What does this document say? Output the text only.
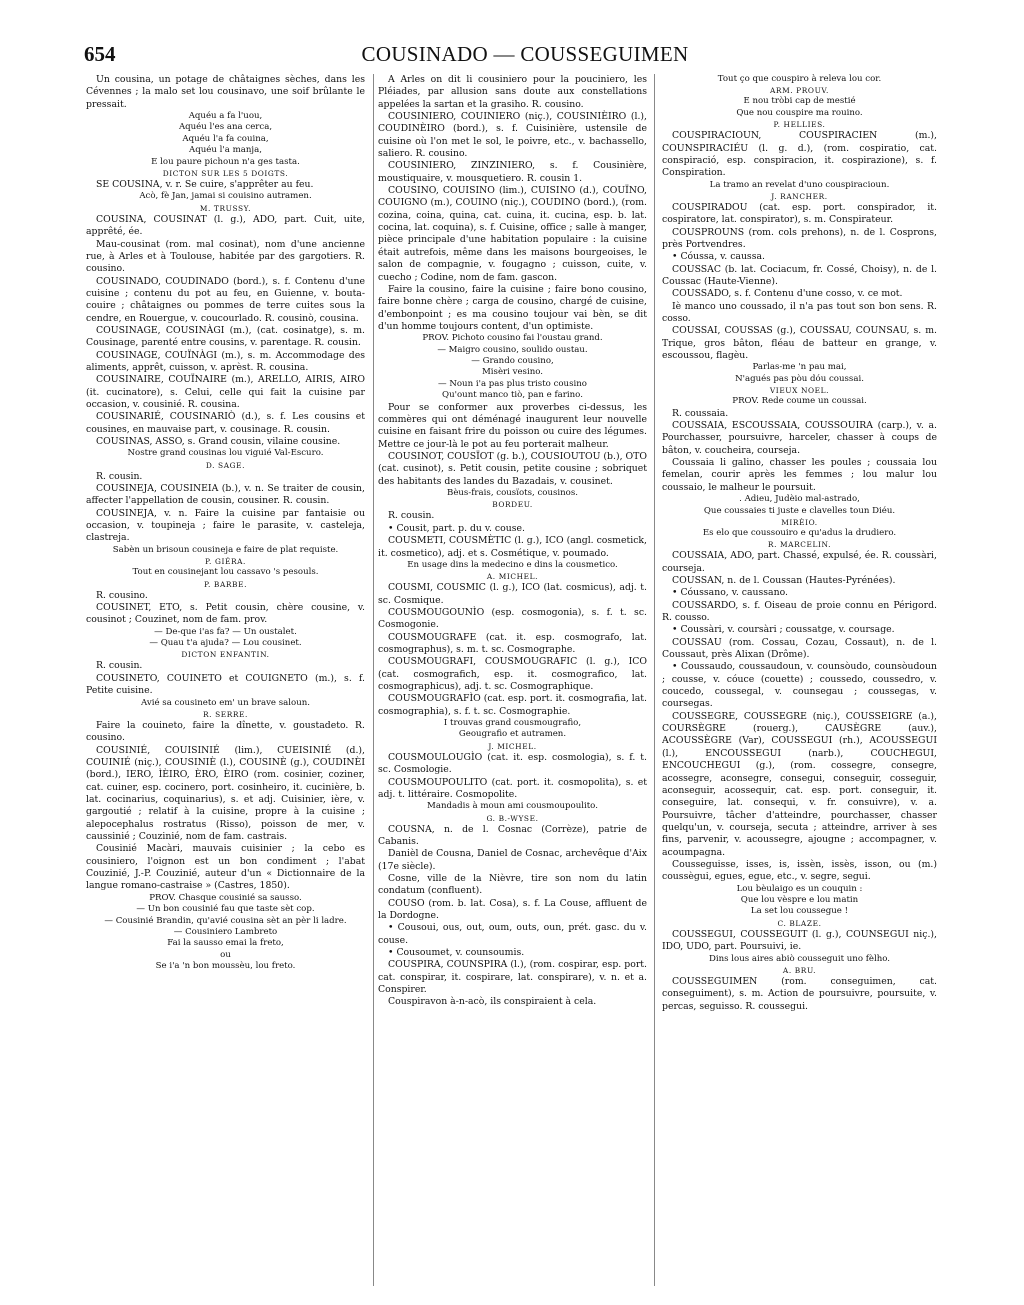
654	COUSINADO — COUSSEGUIMEN

Un cousina, un potage de châtaignes sèches, dans les Cévennes ; la malo set lou cousinavo, une soif brûlante le pressait.

Aquéu a fa l'uou,
Aquéu l'es ana cerca,
Aquéu l'a fa couina,
Aquéu l'a manja,
E lou paure pichoun n'a ges tasta.

DICTON SUR LES 5 DOIGTS.

SE COUSINA, v. r. Se cuire, s'apprêter au feu.

Acò, fè Jan, jamai si couisino autramen.

M. TRUSSY.

COUSINA, COUSINAT (l. g.), ADO, part. Cuit, uite, apprêté, ée.

Mau-cousinat (rom. mal cosinat), nom d'une ancienne rue, à Arles et à Toulouse, habitée par des gargotiers. R. cousino.

COUSINADO, COUDINADO (bord.), s. f. Contenu d'une cuisine ; contenu du pot au feu, en Guienne, v. bouta-couire ; châtaignes ou pommes de terre cuites sous la cendre, en Rouergue, v. coucourlado. R. cousinò, cousina.

COUSINAGE, COUSINÀGI (m.), (cat. cosinatge), s. m. Cousinage, parenté entre cousins, v. parentage. R. cousin.

COUSINAGE, COUÏNÀGI (m.), s. m. Accommodage des aliments, apprêt, cuisson, v. aprèst. R. cousina.

COUSINAIRE, COUÏNAIRE (m.), ARELLO, AIRIS, AIRO (it. cucinatore), s. Celui, celle qui fait la cuisine par occasion, v. cousinié. R. cousina.

COUSINARIÉ, COUSINARIÒ (d.), s. f. Les cousins et cousines, en mauvaise part, v. cousinage. R. cousin.

COUSINAS, ASSO, s. Grand cousin, vilaine cousine.

Nostre grand cousinas lou viguié Val-Escuro.

D. SAGE.

R. cousin.

COUSINEJA, COUSINEIA (b.), v. n. Se traiter de cousin, affecter l'appellation de cousin, cousiner. R. cousin.

COUSINEJA, v. n. Faire la cuisine par fantaisie ou occasion, v. toupineja ; faire le parasite, v. casteleja, clastreja.

Sabèn un brisoun cousineja e faire de plat requiste.

P. GIÉRA.

Tout en cousinejant lou cassavo 's pesouls.

P. BARBE.

R. cousino.

COUSINET, ETO, s. Petit cousin, chère cousine, v. cousinot ; Couzinet, nom de fam. prov.

— De-que i'as fa? — Un oustalet.
— Quau t'a ajuda? — Lou cousinet.

DICTON ENFANTIN.

R. cousin.

COUSINETO, COUINETO et COUIGNETO (m.), s. f. Petite cuisine.

Avié sa cousineto em' un brave saloun.

R. SERRE.

Faire la couineto, faire la dînette, v. goustadeto. R. cousino.

COUSINIÉ, COUISINIÉ (lim.), CUEISINIÉ (d.), COUINIÉ (niç.), COUSINIÈ (l.), COUSINÈ (g.), COUDINÈI (bord.), IERO, ÌÈIRO, ÈRO, ÈIRO (rom. cosinier, coziner, cat. cuiner, esp. cocinero, port. cosinheiro, it. cucinière, b. lat. cocinarius, coquinarius), s. et adj. Cuisinier, ière, v. gargoutié ; relatif à la cuisine, propre à la cuisine ; alepocephalus rostratus (Risso), poisson de mer, v. caussinié ; Couzinié, nom de fam. castrais.

Cousinié Macàri, mauvais cuisinier ; la cebo es cousiniero, l'oignon est un bon condiment ; l'abat Couzinié, J.-P. Couzinié, auteur d'un « Dictionnaire de la langue romano-castraise » (Castres, 1850).

PROV. Chasque cousinié sa sausso.
— Un bon cousinié fau que taste sèt cop.
— Cousinié Brandin, qu'avié cousina sèt an pèr li ladre.

— Cousiniero Lambreto
Fai la sausso emai la freto,

ou
Se i'a 'n bon moussèu, lou freto.

A Arles on dit li cousiniero pour la pouciniero, les Pléiades, par allusion sans doute aux constellations appelées la sartan et la grasiho. R. cousino.

COUSINIERO, COUINIERO (niç.), COUSINIÈIRO (l.), COUDINÈIRO (bord.), s. f. Cuisinière, ustensile de cuisine où l'on met le sol, le poivre, etc., v. bachassello, saliero. R. cousino.

COUSINIERO, ZINZINIERO, s. f. Cousinière, moustiquaire, v. mousquetiero. R. cousin 1.

COUSINO, COUISINO (lim.), CUISINO (d.), COUÏNO, COUIGNO (m.), COUINO (niç.), COUDINO (bord.), (rom. cozina, coina, quina, cat. cuina, it. cucina, esp. b. lat. cocina, lat. coquina), s. f. Cuisine, office ; salle à manger, pièce principale d'une habitation populaire : la cuisine était autrefois, même dans les maisons bourgeoises, le salon de compagnie, v. fougagno ; cuisson, cuite, v. cuecho ; Codine, nom de fam. gascon.

Faire la cousino, faire la cuisine ; faire bono cousino, faire bonne chère ; carga de cousino, chargé de cuisine, d'embonpoint ; es ma cousino toujour vai bèn, se dit d'un homme toujours content, d'un optimiste.

PROV. Pichoto cousino fai l'oustau grand.
— Maigro cousino, soulido oustau.
— Grando cousino,
Misèri vesino.
— Noun i'a pas plus tristo cousino
Qu'ount manco tiò, pan e farino.

Pour se conformer aux proverbes ci-dessus, les commères qui ont déménagé inaugurent leur nouvelle cuisine en faisant frire du poisson ou cuire des légumes. Mettre ce jour-là le pot au feu porterait malheur.

COUSINOT, COUSÏOT (g. b.), COUSIOUTOU (b.), OTO (cat. cusinot), s. Petit cousin, petite cousine ; sobriquet des habitants des landes du Bazadais, v. cousinet.

Bèus-frais, cousïots, cousinos.

BORDEU.

R. cousin.

• Cousit, part. p. du v. couse.

COUSMETI, COUSMÈTIC (l. g.), ICO (angl. cosmetick, it. cosmetico), adj. et s. Cosmétique, v. poumado.

En usage dins la medecino e dins la cousmetico.

A. MICHEL.

COUSMI, COUSMIC (l. g.), ICO (lat. cosmicus), adj. t. sc. Cosmique.

COUSMOUGOUNÌO (esp. cosmogonia), s. f. t. sc. Cosmogonie.

COUSMOUGRAFE (cat. it. esp. cosmografo, lat. cosmographus), s. m. t. sc. Cosmographe.

COUSMOUGRAFI, COUSMOUGRAFIC (l. g.), ICO (cat. cosmografich, esp. it. cosmografico, lat. cosmographicus), adj. t. sc. Cosmographique.

COUSMOUGRAFÌO (cat. esp. port. it. cosmografia, lat. cosmographia), s. f. t. sc. Cosmographie.

I trouvas grand cousmougrafio,
Geougrafio et autramen.

J. MICHEL.

COUSMOULOUGÌO (cat. it. esp. cosmologia), s. f. t. sc. Cosmologie.

COUSMOUPOULITO (cat. port. it. cosmopolita), s. et adj. t. littéraire. Cosmopolite.

Mandadis à moun ami cousmoupoulito.

G. B.-WYSE.

COUSNA, n. de l. Cosnac (Corrèze), patrie de Cabanis.

Danièl de Cousna, Daniel de Cosnac, archevêque d'Aix (17e siècle).

Cosne, ville de la Nièvre, tire son nom du latin condatum (confluent).

COUSO (rom. b. lat. Cosa), s. f. La Couse, affluent de la Dordogne.

• Cousoui, ous, out, oum, outs, oun, prét. gasc. du v. couse.

• Cousoumet, v. counsoumis.

COUSPIRA, COUNSPIRA (l.), (rom. cospirar, esp. port. cat. conspirar, it. cospirare, lat. conspirare), v. n. et a. Conspirer.

Couspiravon à-n-acò, ils conspiraient à cela.

Tout ço que couspiro à releva lou cor.

ARM. PROUV.

E nou tròbi cap de mestié
Que nou couspire ma rouino.

P. HELLIES.

COUSPIRACIOUN, COUSPIRACIEN (m.), COUNSPIRACIÉU (l. g. d.), (rom. cospiratio, cat. conspiració, esp. conspiracion, it. cospirazione), s. f. Conspiration.

La tramo an revelat d'uno couspiracioun.

J. RANCHER.

COUSPIRADOU (cat. esp. port. conspirador, it. cospiratore, lat. conspirator), s. m. Conspirateur.

COUSPROUNS (rom. cols prehons), n. de l. Cosprons, près Portvendres.

• Cóussa, v. caussa.

COUSSAC (b. lat. Cociacum, fr. Cossé, Choisy), n. de l. Coussac (Haute-Vienne).

COUSSADO, s. f. Contenu d'une cosso, v. ce mot.

Iè manco uno coussado, il n'a pas tout son bon sens. R. cosso.

COUSSAI, COUSSAS (g.), COUSSAU, COUNSAU, s. m. Trique, gros bâton, fléau de batteur en grange, v. escoussou, flagèu.

Parlas-me 'n pau mai,
N'agués pas pòu dóu coussai.

VIEUX NOEL.

PROV. Rede coume un coussai.

R. coussaia.

COUSSAIA, ESCOUSSAIA, COUSSOUIRA (carp.), v. a. Pourchasser, poursuivre, harceler, chasser à coups de bâton, v. coucheira, courseja.

Coussaia li galino, chasser les poules ; coussaia lou femelan, courir après les femmes ; lou malur lou coussaio, le malheur le poursuit.

. Adieu, Judèio mal-astrado,
Que coussaies ti juste e clavelles toun Diéu.

MIRÈIO.

Es elo que coussouiro e qu'adus la drudiero.

R. MARCELIN.

COUSSAIA, ADO, part. Chassé, expulsé, ée. R. coussàri, courseja.

COUSSAN, n. de l. Coussan (Hautes-Pyrénées).

• Cóussano, v. caussano.

COUSSARDO, s. f. Oiseau de proie connu en Périgord. R. cousso.

• Coussàri, v. coursàri ; coussatge, v. coursage.

COUSSAU (rom. Cossau, Cozau, Cossaut), n. de l. Coussaut, près Alixan (Drôme).

• Coussaudo, coussaudoun, v. counsòudo, counsòudoun ; cousse, v. cóuce (couette) ; coussedo, coussedro, v. coucedo, coussegal, v. counsegau ; coussegas, v. coursegas.

COUSSEGRE, COUSSEGRE (niç.), COUSSEIGRE (a.), COURSÈGRE (rouerg.), CAUSÈGRE (auv.), ACOUSSÈGRE (Var), COUSSEGUI (rh.), ACOUSSEGUI (l.), ENCOUSSEGUI (narb.), COUCHEGUI, ENCOUCHEGUI (g.), (rom. cossegre, consegre, acossegre, aconsegre, consegui, conseguir, cosseguir, aconseguir, acossequir, cat. esp. port. conseguir, it. conseguire, lat. consequi, v. fr. consuivre), v. a. Poursuivre, tâcher d'atteindre, pourchasser, chasser quelqu'un, v. courseja, secuta ; atteindre, arriver à ses fins, parvenir, v. acoussegre, ajougne ; accompagner, v. acoumpagna.

Cousseguisse, isses, is, issèn, issès, isson, ou (m.) coussègui, egues, egue, etc., v. segre, segui.

Lou bèulaigo es un couquin :
Que lou vèspre e lou matin
La set lou coussegue !

C. BLAZE.

COUSSEGUI, COUSSEGUIT (l. g.), COUNSEGUI niç.), IDO, UDO, part. Poursuivi, ie.

Dins lous aires abiò cousseguit uno fèlho.

A. BRU.

COUSSEGUIMEN (rom. conseguimen, cat. conseguiment), s. m. Action de poursuivre, poursuite, v. percas, seguisso. R. coussegui.
